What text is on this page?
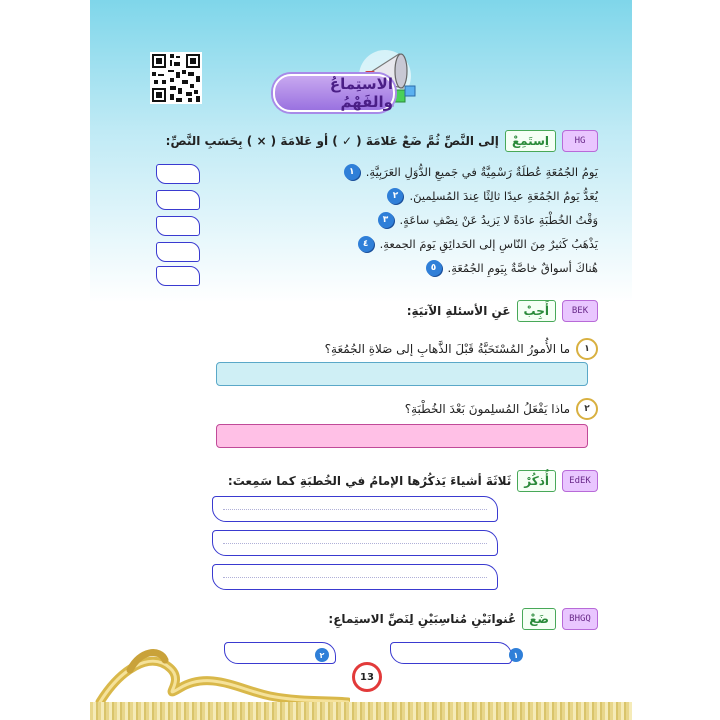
الاستِماعُ والفَهْمُ
HG
اِستَمِعْ
إلى النَّصِّ ثُمَّ ضَعْ عَلامَةَ ( ✓ ) أو عَلامَةَ ( × ) بِحَسَبِ النَّصِّ:
١ يَومُ الجُمُعَةِ عُطلَةٌ رَسْمِيَّةٌ في جَميعِ الدُّوَلِ العَرَبِيَّةِ.
٢ يُعَدُّ يَومُ الجُمُعَةِ عيدًا ثالِثًا عِندَ المُسلِمينَ.
٣ وَقْتُ الخُطْبَةِ عادَةً لا يَزيدُ عَنْ نِصْفِ ساعَةٍ.
٤ يَذْهَبُ كَثيرٌ مِنَ النّاسِ إلى الحَدائِقِ يَومَ الجمعةِ.
٥ هُناكَ أسواقٌ خاصَّةٌ بِيَومِ الجُمُعَةِ.
BEK
أَجِبْ
عَنِ الأسئلةِ الآتيَةِ:
١
ما الأُمورُ المُسْتَحَبَّةُ قَبْلَ الذَّهابِ إلى صَلاةِ الجُمُعَةِ؟
٢
ماذا يَفْعَلُ المُسلِمونَ بَعْدَ الخُطْبَةِ؟
EdEK
أُذكُرْ
ثَلاثَةَ أشياءَ يَذكُرُها الإمامُ في الخُطبَةِ كما سَمِعتَ:
BHGQ
ضَعْ
عُنوانَيْنِ مُناسِبَيْنِ لِنَصِّ الاستِماعِ:
١
٢
13
